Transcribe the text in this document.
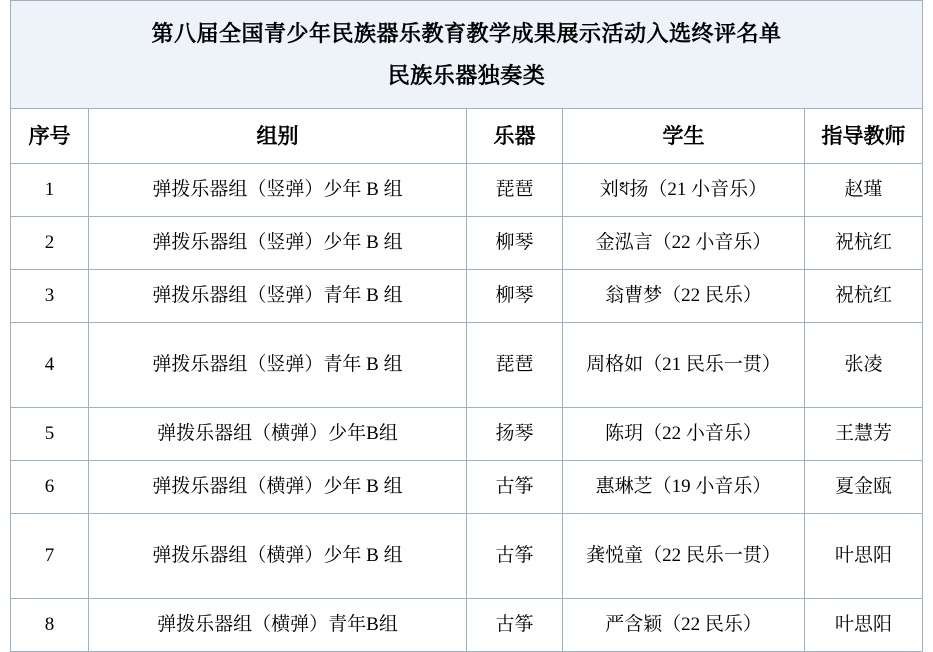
第八届全国青少年民族器乐教育教学成果展示活动入选终评名单
民族乐器独奏类				

序号	组别	乐器	学生	指导教师
1	弹拨乐器组（竖弹）少年 B 组	琵琶	刘ধ扬（21 小音乐）	赵瑾
2	弹拨乐器组（竖弹）少年 B 组	柳琴	金泓言（22 小音乐）	祝杭红
3	弹拨乐器组（竖弹）青年 B 组	柳琴	翁曹梦（22 民乐）	祝杭红
4	弹拨乐器组（竖弹）青年 B 组	琵琶	周格如（21 民乐一贯）	张凌
5	弹拨乐器组（横弹）少年B组	扬琴	陈玥（22 小音乐）	王慧芳
6	弹拨乐器组（横弹）少年 B 组	古筝	惠琳芝（19 小音乐）	夏金瓯
7	弹拨乐器组（横弹）少年 B 组	古筝	龚悦童（22 民乐一贯）	叶思阳
8	弹拨乐器组（横弹）青年B组	古筝	严含颖（22 民乐）	叶思阳
